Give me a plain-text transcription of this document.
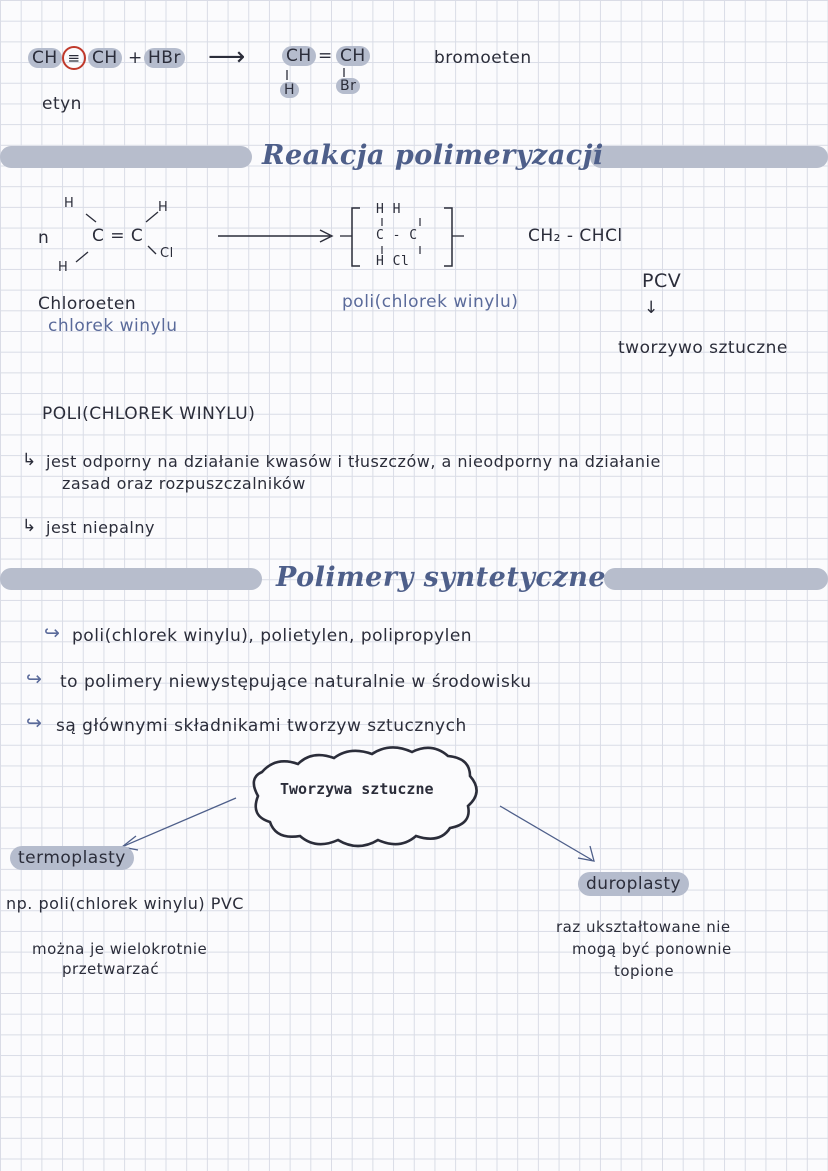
CH ≡ CH + HBr ⟶ CH = CH
H	Br
bromoeten
etyn
Reakcja polimeryzacji
n
H	H
H
C = C
Cl
H H
C - C
H Cl
Chloroeten
chlorek winylu
poli(chlorek winylu)
CH₂ - CHCl
PCV
↓
tworzywo sztuczne
POLI(CHLOREK WINYLU)
↳ jest odporny na działanie kwasów i tłuszczów, a nieodporny na działanie
zasad oraz rozpuszczalników
↳ jest niepalny
Polimery syntetyczne
↪ poli(chlorek winylu), polietylen, polipropylen
↪ to polimery niewystępujące naturalnie w środowisku
↪ są głównymi składnikami tworzyw sztucznych
Tworzywa sztuczne
termoplasty
np. poli(chlorek winylu) PVC
można je wielokrotnie
przetwarzać
duroplasty
raz ukształtowane nie
mogą być ponownie
topione
